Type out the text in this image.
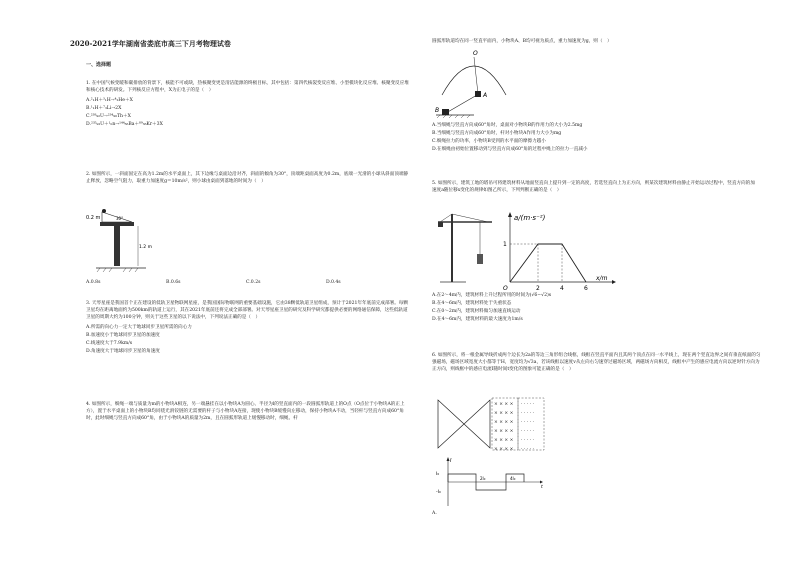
2020-2021学年湖南省娄底市高三下月考物理试卷
一、选择题

1. 在中国气候变暖和碳排放的背景下，核能不可或缺，热核聚变更是清洁能源的终极目标，其中包括：第四代核裂变反应堆、小型模块化反应堆、核聚变反应堆和核心技术的研发。下列核反应方程中，X为正电子的是（　）

A.²₁H＋³₁H→⁴₂He＋X
B.¹₁H＋⁷₃Li→2X
C.²³⁸₉₂U→²³⁴₉₀Th＋X
D.²³⁵₉₂U＋¹₀n→¹⁴⁴₅₆Ba＋⁸⁹₃₆Kr＋3X

2. 如图所示，一斜面固定在高为1.2m的水平桌面上，其下边缘与桌面边沿对齐，斜面的倾角为30°，顶端距桌面高度为0.2m，底端一光滑的小球从斜面顶端静止释放，忽略空气阻力，取重力加速度g＝10m/s²，则小球由桌面到落地的时间为（　）

0.2 m	30°
1.2 m
A.0.8s	B.0.6s	C.0.2s	D.0.4s

3. 天琴星座是我国首个正在建设的低轨卫星物联网星座，是我国国际物联网的重要基础设施，它由38颗低轨道卫星组成，预计于2021年年底前完成部署。每颗卫星均在距离地面约为500km的轨道上运行，其在2021年底前还将完成全部部署。对天琴星座卫星的研究及科学研究都提供必要的网络通信保障，这些低轨道卫星的周期大约为100分钟，则关于这些卫星的以下说法中，下列说法正确的是（　）

A.所需的向心力一定大于地球同步卫星所需的向心力
B.加速度小于地球同步卫星的加速度
C.线速度大于7.9km/s
D.角速度大于地球同步卫星的角速度

4. 如图所示，细绳一端与质量为m的小物块A相连，另一端悬挂在以小物块A为圆心、半径为l的竖直面内的一段圆弧形轨道上的O点（O点位于小物块A的正上方），置于水平桌面上的小物块B均同绕光滑铰链的无需要的杆子与小物块A连接，现使小物块B缓慢向左移动，保持小物块A不动，当轻杆与竖直方向成60°角时，此时细绳与竖直方向成60°角，由于小物块A的质量为2m，且在圆弧形轨道上缓慢移动时，细绳、杆

圆弧形轨道均在同一竖直平面内，小物块A、B均可视为质点，重力加速度为g，则（　）

O
A
B
A.当细绳与竖直方向成60°角时，桌面对小物块B的作用力的大小为2.5mg
B.当细绳与竖直方向成60°角时，杆对小物块A作用力大小为mg
C.细绳拉力的功率，小物块B受到的水平面的摩擦力越小
D.在细绳由初始位置移动到与竖直方向成60°角的过程中绳上的拉力一直减小

5. 如图所示，建筑工地的塔吊可将建筑材料从地面竖直向上提升到一定的高度，若选竖直向上为正方向，则某次建筑材料由静止开始运动过程中，竖直方向的加速度a随位移x变化的规律如图乙所示，下列判断正确的是（　）

a/(m·s⁻²)
1
O	2	4	6
x/m
A.在2～4m内，建筑材料上升过程所用的时间为(√6−√2)s
B.在4～6m内，建筑材料处于失重状态
C.在0～2m内，建筑材料做匀加速直线运动
D.在4～6m内，建筑材料的最大速度为1m/s

6. 如图所示，将一根金属导线折成两个边长为2a的等边三角形组合线框，线框在竖直平面内且其两个顶点在同一水平线上，现在两个竖直边界之间有垂直纸面的匀强磁场，磁场区域宽度大小都等于H，宽度均为√3a，若该线框以速度v从左向右匀速穿过磁场区域，两磁场方向相反，线框中产生的感应电流方向以逆时针方向为正方向，则线框中的感应电流I随时间t变化的图象可能正确的是（　）

× × × ×
× × × ×
× × × ×
× × × ×
× × × ×
× × × ×
· · · · ·
· · · · ·
· · · · ·
· · · · ·
· · · · ·
· · · · ·
I
I₀
t
-I₀
2I₀	4I₀
A.
